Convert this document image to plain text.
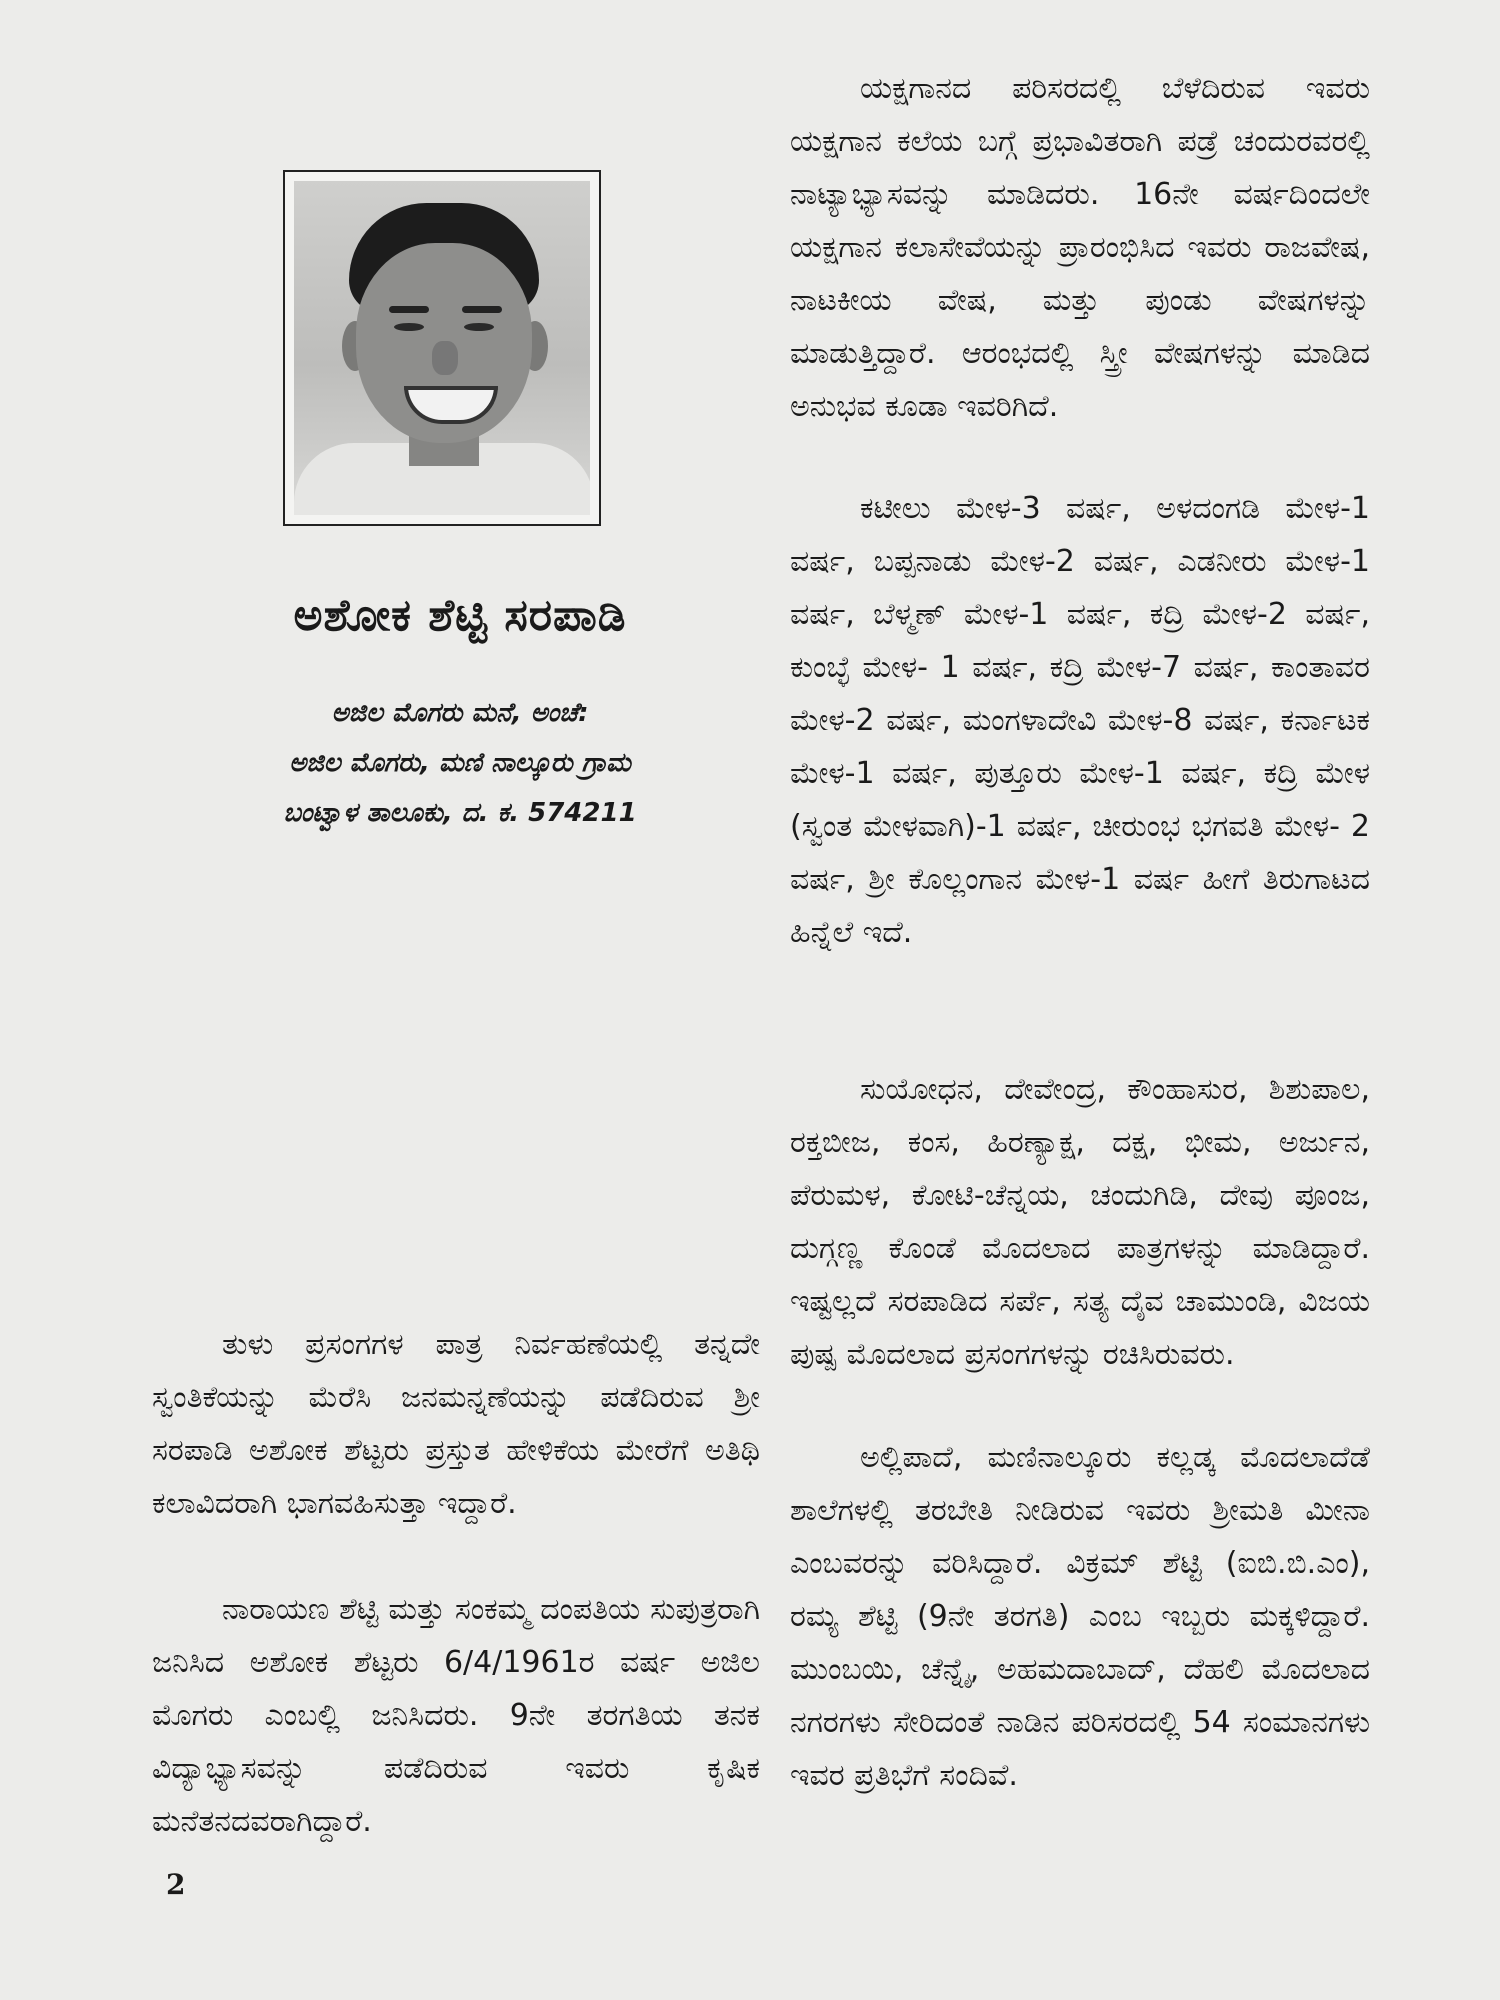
ಅಶೋಕ ಶೆಟ್ಟಿ ಸರಪಾಡಿ
ಅಜಿಲ ಮೊಗರು ಮನೆ, ಅಂಚೆ:
ಅಜಿಲ ಮೊಗರು, ಮಣಿ ನಾಲ್ಕೂರು ಗ್ರಾಮ
ಬಂಟ್ವಾಳ ತಾಲೂಕು, ದ. ಕ. 574211

ತುಳು ಪ್ರಸಂಗಗಳ ಪಾತ್ರ ನಿರ್ವಹಣೆಯಲ್ಲಿ ತನ್ನದೇ ಸ್ವಂತಿಕೆಯನ್ನು ಮೆರೆಸಿ ಜನಮನ್ನಣೆಯನ್ನು ಪಡೆದಿರುವ ಶ್ರೀ ಸರಪಾಡಿ ಅಶೋಕ ಶೆಟ್ಟರು ಪ್ರಸ್ತುತ ಹೇಳಿಕೆಯ ಮೇರೆಗೆ ಅತಿಥಿ ಕಲಾವಿದರಾಗಿ ಭಾಗವಹಿಸುತ್ತಾ ಇದ್ದಾರೆ.

ನಾರಾಯಣ ಶೆಟ್ಟಿ ಮತ್ತು ಸಂಕಮ್ಮ ದಂಪತಿಯ ಸುಪುತ್ರರಾಗಿ ಜನಿಸಿದ ಅಶೋಕ ಶೆಟ್ಟರು 6/4/1961ರ ವರ್ಷ ಅಜಿಲ ಮೊಗರು ಎಂಬಲ್ಲಿ ಜನಿಸಿದರು. 9ನೇ ತರಗತಿಯ ತನಕ ವಿದ್ಯಾಭ್ಯಾಸವನ್ನು ಪಡೆದಿರುವ ಇವರು ಕೃಷಿಕ ಮನೆತನದವರಾಗಿದ್ದಾರೆ.

ಯಕ್ಷಗಾನದ ಪರಿಸರದಲ್ಲಿ ಬೆಳೆದಿರುವ ಇವರು ಯಕ್ಷಗಾನ ಕಲೆಯ ಬಗ್ಗೆ ಪ್ರಭಾವಿತರಾಗಿ ಪಡ್ರೆ ಚಂದುರವರಲ್ಲಿ ನಾಟ್ಯಾಭ್ಯಾಸವನ್ನು ಮಾಡಿದರು. 16ನೇ ವರ್ಷದಿಂದಲೇ ಯಕ್ಷಗಾನ ಕಲಾಸೇವೆಯನ್ನು ಪ್ರಾರಂಭಿಸಿದ ಇವರು ರಾಜವೇಷ, ನಾಟಕೀಯ ವೇಷ, ಮತ್ತು ಪುಂಡು ವೇಷಗಳನ್ನು ಮಾಡುತ್ತಿದ್ದಾರೆ. ಆರಂಭದಲ್ಲಿ ಸ್ತ್ರೀ ವೇಷಗಳನ್ನು ಮಾಡಿದ ಅನುಭವ ಕೂಡಾ ಇವರಿಗಿದೆ.

ಕಟೀಲು ಮೇಳ-3 ವರ್ಷ, ಅಳದಂಗಡಿ ಮೇಳ-1 ವರ್ಷ, ಬಪ್ಪನಾಡು ಮೇಳ-2 ವರ್ಷ, ಎಡನೀರು ಮೇಳ-1 ವರ್ಷ, ಬೆಳ್ಮಣ್ ಮೇಳ-1 ವರ್ಷ, ಕದ್ರಿ ಮೇಳ-2 ವರ್ಷ, ಕುಂಬ್ಳೆ ಮೇಳ- 1 ವರ್ಷ, ಕದ್ರಿ ಮೇಳ-7 ವರ್ಷ, ಕಾಂತಾವರ ಮೇಳ-2 ವರ್ಷ, ಮಂಗಳಾದೇವಿ ಮೇಳ-8 ವರ್ಷ, ಕರ್ನಾಟಕ ಮೇಳ-1 ವರ್ಷ, ಪುತ್ತೂರು ಮೇಳ-1 ವರ್ಷ, ಕದ್ರಿ ಮೇಳ (ಸ್ವಂತ ಮೇಳವಾಗಿ)-1 ವರ್ಷ, ಚೀರುಂಭ ಭಗವತಿ ಮೇಳ- 2 ವರ್ಷ, ಶ್ರೀ ಕೊಲ್ಲಂಗಾನ ಮೇಳ-1 ವರ್ಷ ಹೀಗೆ ತಿರುಗಾಟದ ಹಿನ್ನೆಲೆ ಇದೆ.

ಸುಯೋಧನ, ದೇವೇಂದ್ರ, ಕೌಂಹಾಸುರ, ಶಿಶುಪಾಲ, ರಕ್ತಬೀಜ, ಕಂಸ, ಹಿರಣ್ಯಾಕ್ಷ, ದಕ್ಷ, ಭೀಮ, ಅರ್ಜುನ, ಪೆರುಮಳ, ಕೋಟಿ-ಚೆನ್ನಯ, ಚಂದುಗಿಡಿ, ದೇವು ಪೂಂಜ, ದುಗ್ಗಣ್ಣ ಕೊಂಡೆ ಮೊದಲಾದ ಪಾತ್ರಗಳನ್ನು ಮಾಡಿದ್ದಾರೆ. ಇಷ್ಟಲ್ಲದೆ ಸರಪಾಡಿದ ಸರ್ಪೆ, ಸತ್ಯ ದೈವ ಚಾಮುಂಡಿ, ವಿಜಯ ಪುಷ್ಪ ಮೊದಲಾದ ಪ್ರಸಂಗಗಳನ್ನು ರಚಿಸಿರುವರು.

ಅಲ್ಲಿಪಾದೆ, ಮಣಿನಾಲ್ಕೂರು ಕಲ್ಲಡ್ಕ ಮೊದಲಾದೆಡೆ ಶಾಲೆಗಳಲ್ಲಿ ತರಬೇತಿ ನೀಡಿರುವ ಇವರು ಶ್ರೀಮತಿ ಮೀನಾ ಎಂಬವರನ್ನು ವರಿಸಿದ್ದಾರೆ. ವಿಕ್ರಮ್ ಶೆಟ್ಟಿ (ಐಬಿ.ಬಿ.ಎಂ), ರಮ್ಯ ಶೆಟ್ಟಿ (9ನೇ ತರಗತಿ) ಎಂಬ ಇಬ್ಬರು ಮಕ್ಕಳಿದ್ದಾರೆ. ಮುಂಬಯಿ, ಚೆನ್ನೈ, ಅಹಮದಾಬಾದ್, ದೆಹಲಿ ಮೊದಲಾದ ನಗರಗಳು ಸೇರಿದಂತೆ ನಾಡಿನ ಪರಿಸರದಲ್ಲಿ 54 ಸಂಮಾನಗಳು ಇವರ ಪ್ರತಿಭೆಗೆ ಸಂದಿವೆ.

2
